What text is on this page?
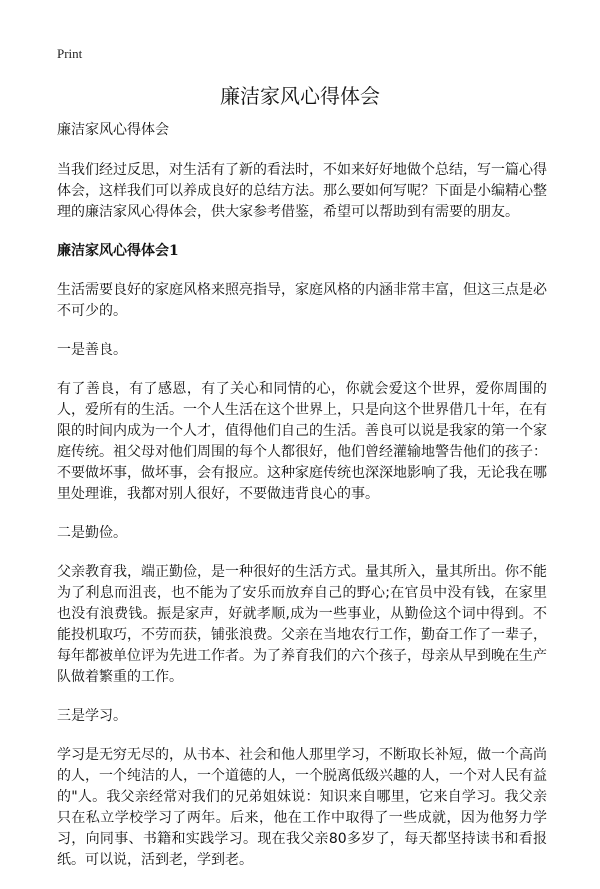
Print
廉洁家风心得体会

廉洁家风心得体会

当我们经过反思，对生活有了新的看法时，不如来好好地做个总结，写一篇心得体会，这样我们可以养成良好的总结方法。那么要如何写呢？下面是小编精心整理的廉洁家风心得体会，供大家参考借鉴，希望可以帮助到有需要的朋友。

廉洁家风心得体会1

生活需要良好的家庭风格来照亮指导，家庭风格的内涵非常丰富，但这三点是必不可少的。

一是善良。

有了善良，有了感恩，有了关心和同情的心，你就会爱这个世界，爱你周围的人，爱所有的生活。一个人生活在这个世界上，只是向这个世界借几十年，在有限的时间内成为一个人才，值得他们自己的生活。善良可以说是我家的第一个家庭传统。祖父母对他们周围的每个人都很好，他们曾经灌输地警告他们的孩子：不要做坏事，做坏事，会有报应。这种家庭传统也深深地影响了我，无论我在哪里处理谁，我都对别人很好，不要做违背良心的事。

二是勤俭。

父亲教育我，端正勤俭，是一种很好的生活方式。量其所入，量其所出。你不能为了利息而沮丧，也不能为了安乐而放弃自己的野心;在官员中没有钱，在家里也没有浪费钱。振是家声，好就孝顺,成为一些事业，从勤俭这个词中得到。不能投机取巧，不劳而获，铺张浪费。父亲在当地农行工作，勤奋工作了一辈子，每年都被单位评为先进工作者。为了养育我们的六个孩子，母亲从早到晚在生产队做着繁重的工作。

三是学习。

学习是无穷无尽的，从书本、社会和他人那里学习，不断取长补短，做一个高尚的人，一个纯洁的人，一个道德的人，一个脱离低级兴趣的人，一个对人民有益的"人。我父亲经常对我们的兄弟姐妹说：知识来自哪里，它来自学习。我父亲只在私立学校学习了两年。后来，他在工作中取得了一些成就，因为他努力学习，向同事、书籍和实践学习。现在我父亲80多岁了，每天都坚持读书和看报纸。可以说，活到老，学到老。
